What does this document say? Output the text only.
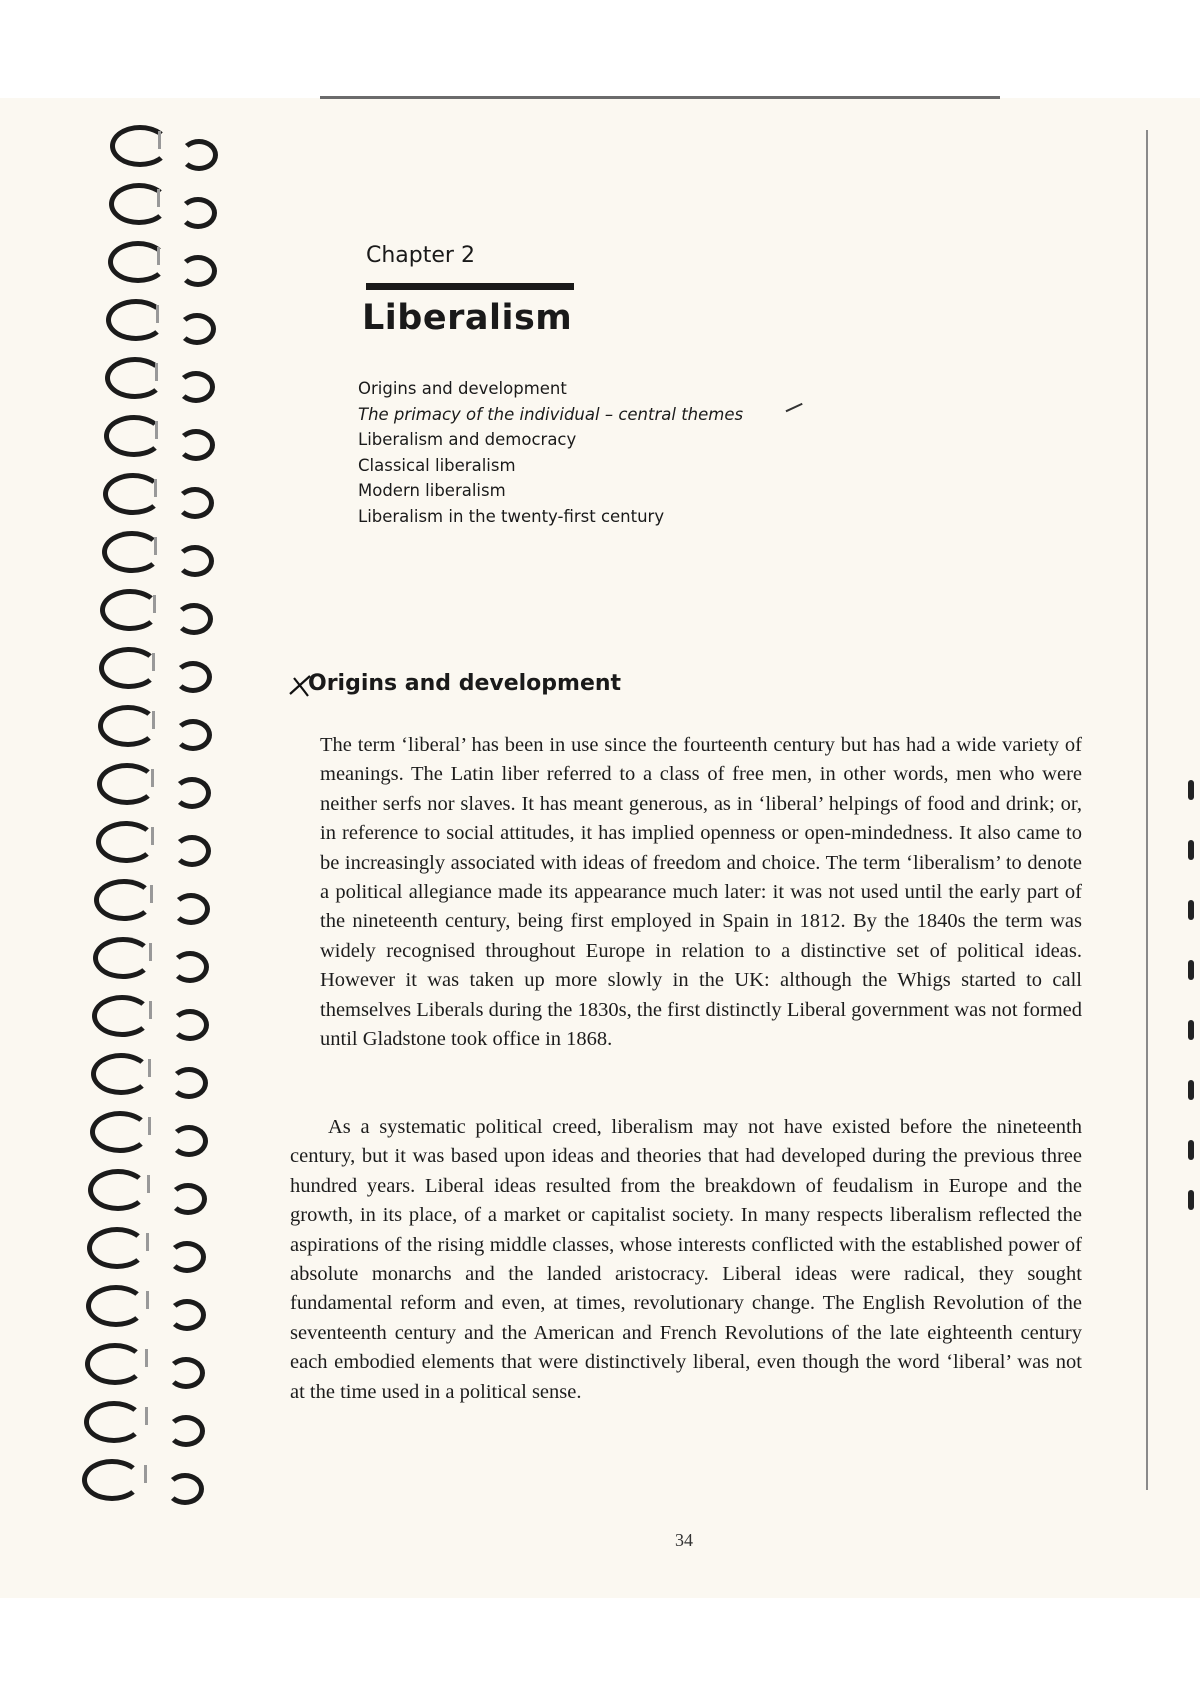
Chapter 2
Liberalism
Origins and development
The primacy of the individual – central themes
Liberalism and democracy
Classical liberalism
Modern liberalism
Liberalism in the twenty-first century
Origins and development

The term ‘liberal’ has been in use since the fourteenth century but has had a wide variety of meanings. The Latin liber referred to a class of free men, in other words, men who were neither serfs nor slaves. It has meant generous, as in ‘liberal’ helpings of food and drink; or, in reference to social attitudes, it has implied openness or open-mindedness. It also came to be increasingly associated with ideas of freedom and choice. The term ‘liberalism’ to denote a political allegiance made its appearance much later: it was not used until the early part of the nineteenth century, being first employed in Spain in 1812. By the 1840s the term was widely recognised throughout Europe in relation to a distinctive set of political ideas. However it was taken up more slowly in the UK: although the Whigs started to call themselves Liberals during the 1830s, the first distinctly Liberal government was not formed until Gladstone took office in 1868.

As a systematic political creed, liberalism may not have existed before the nineteenth century, but it was based upon ideas and theories that had developed during the previous three hundred years. Liberal ideas resulted from the breakdown of feudalism in Europe and the growth, in its place, of a market or capitalist society. In many respects liberalism reflected the aspirations of the rising middle classes, whose interests conflicted with the established power of absolute monarchs and the landed aristocracy. Liberal ideas were radical, they sought fundamental reform and even, at times, revolutionary change. The English Revolution of the seventeenth century and the American and French Revolutions of the late eighteenth century each embodied elements that were distinctively liberal, even though the word ‘liberal’ was not at the time used in a political sense.

34
